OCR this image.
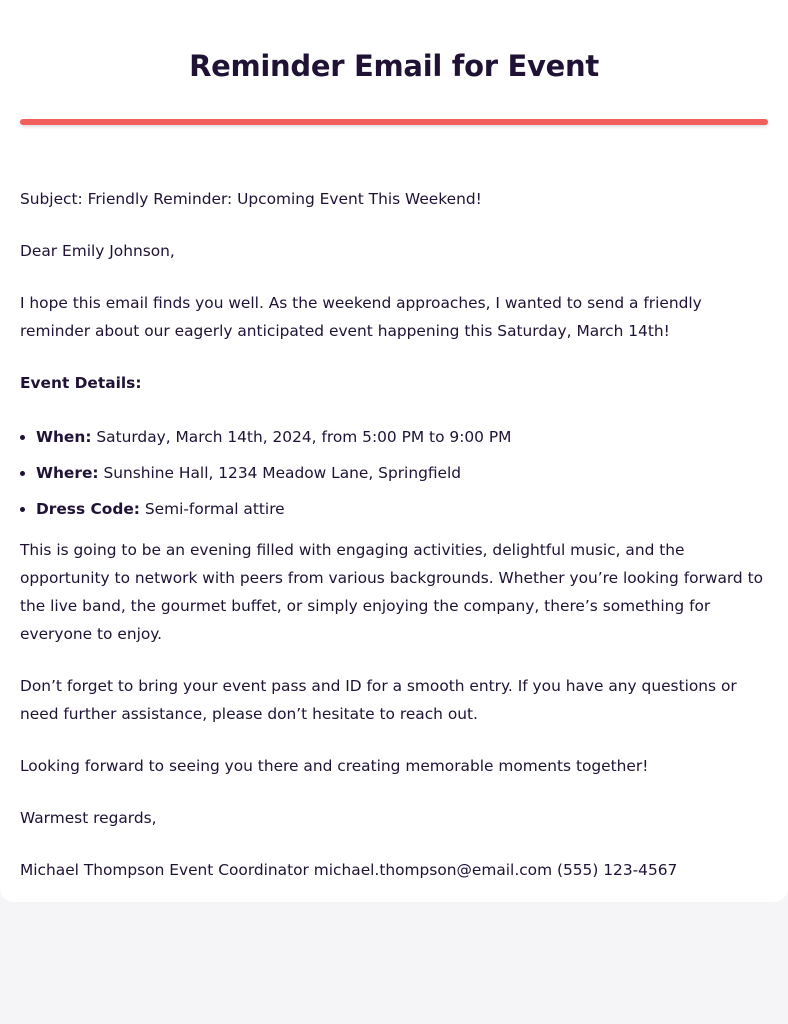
Reminder Email for Event

Subject: Friendly Reminder: Upcoming Event This Weekend!

Dear Emily Johnson,

I hope this email finds you well. As the weekend approaches, I wanted to send a friendly reminder about our eagerly anticipated event happening this Saturday, March 14th!

Event Details:

• When: Saturday, March 14th, 2024, from 5:00 PM to 9:00 PM
• Where: Sunshine Hall, 1234 Meadow Lane, Springfield
• Dress Code: Semi-formal attire

This is going to be an evening filled with engaging activities, delightful music, and the opportunity to network with peers from various backgrounds. Whether you’re looking forward to the live band, the gourmet buffet, or simply enjoying the company, there’s something for everyone to enjoy.

Don’t forget to bring your event pass and ID for a smooth entry. If you have any questions or need further assistance, please don’t hesitate to reach out.

Looking forward to seeing you there and creating memorable moments together!

Warmest regards,

Michael Thompson Event Coordinator michael.thompson@email.com (555) 123-4567
